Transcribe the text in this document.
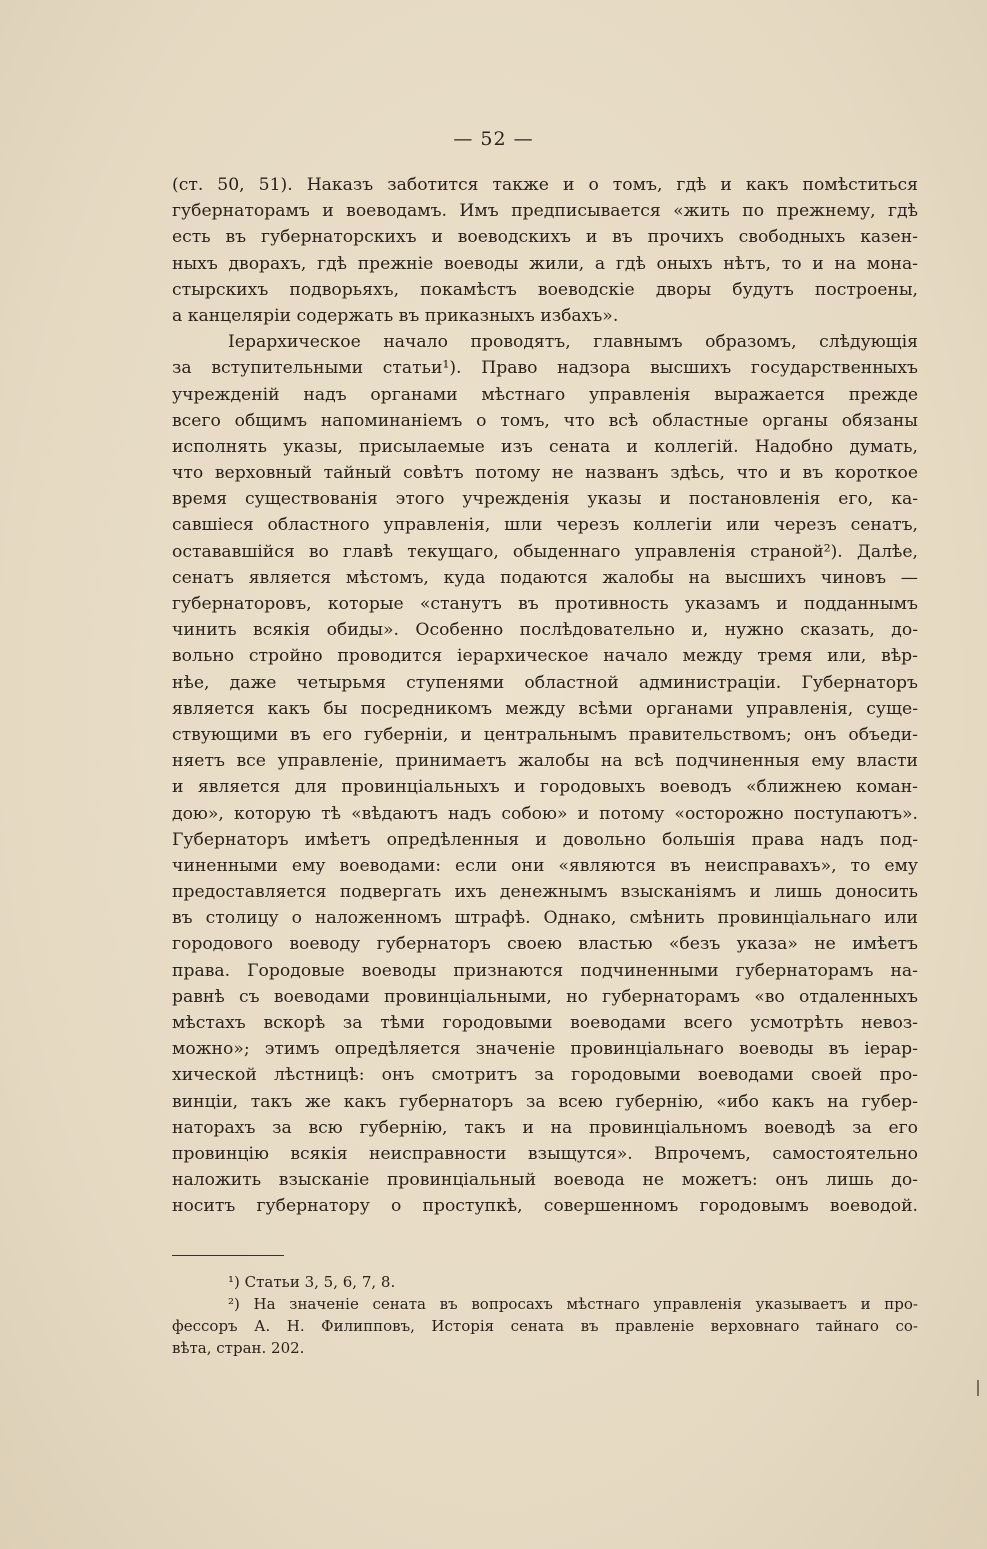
— 52 —
(ст. 50, 51). Наказъ заботится также и о томъ, гдѣ и какъ помѣститься
губернаторамъ и воеводамъ. Имъ предписывается «жить по прежнему, гдѣ
есть въ губернаторскихъ и воеводскихъ и въ прочихъ свободныхъ казен-
ныхъ дворахъ, гдѣ прежніе воеводы жили, а гдѣ оныхъ нѣтъ, то и на мона-
стырскихъ подворьяхъ, покамѣстъ воеводскіе дворы будутъ построены,
а канцеляріи содержать въ приказныхъ избахъ».
Іерархическое начало проводятъ, главнымъ образомъ, слѣдующія
за вступительными статьи¹). Право надзора высшихъ государственныхъ
учрежденій надъ органами мѣстнаго управленія выражается прежде
всего общимъ напоминаніемъ о томъ, что всѣ областные органы обязаны
исполнять указы, присылаемые изъ сената и коллегій. Надобно думать,
что верховный тайный совѣтъ потому не названъ здѣсь, что и въ короткое
время существованія этого учрежденія указы и постановленія его, ка-
савшіеся областного управленія, шли черезъ коллегіи или черезъ сенатъ,
остававшійся во главѣ текущаго, обыденнаго управленія страной²). Далѣе,
сенатъ является мѣстомъ, куда подаются жалобы на высшихъ чиновъ —
губернаторовъ, которые «станутъ въ противность указамъ и подданнымъ
чинить всякія обиды». Особенно послѣдовательно и, нужно сказать, до-
вольно стройно проводится іерархическое начало между тремя или, вѣр-
нѣе, даже четырьмя ступенями областной администраціи. Губернаторъ
является какъ бы посредникомъ между всѣми органами управленія, суще-
ствующими въ его губерніи, и центральнымъ правительствомъ; онъ объеди-
няетъ все управленіе, принимаетъ жалобы на всѣ подчиненныя ему власти
и является для провинціальныхъ и городовыхъ воеводъ «ближнею коман-
дою», которую тѣ «вѣдаютъ надъ собою» и потому «осторожно поступаютъ».
Губернаторъ имѣетъ опредѣленныя и довольно большія права надъ под-
чиненными ему воеводами: если они «являются въ неисправахъ», то ему
предоставляется подвергать ихъ денежнымъ взысканіямъ и лишь доносить
въ столицу о наложенномъ штрафѣ. Однако, смѣнить провинціальнаго или
городового воеводу губернаторъ своею властью «безъ указа» не имѣетъ
права. Городовые воеводы признаются подчиненными губернаторамъ на-
равнѣ съ воеводами провинціальными, но губернаторамъ «во отдаленныхъ
мѣстахъ вскорѣ за тѣми городовыми воеводами всего усмотрѣть невоз-
можно»; этимъ опредѣляется значеніе провинціальнаго воеводы въ іерар-
хической лѣстницѣ: онъ смотритъ за городовыми воеводами своей про-
винціи, такъ же какъ губернаторъ за всею губернію, «ибо какъ на губер-
наторахъ за всю губернію, такъ и на провинціальномъ воеводѣ за его
провинцію всякія неисправности взыщутся». Впрочемъ, самостоятельно
наложить взысканіе провинціальный воевода не можетъ: онъ лишь до-
носитъ губернатору о проступкѣ, совершенномъ городовымъ воеводой.
¹) Статьи 3, 5, 6, 7, 8.
²) На значеніе сената въ вопросахъ мѣстнаго управленія указываетъ и про-
фессоръ А. Н. Филипповъ, Исторія сената въ правленіе верховнаго тайнаго со-
вѣта, стран. 202.
